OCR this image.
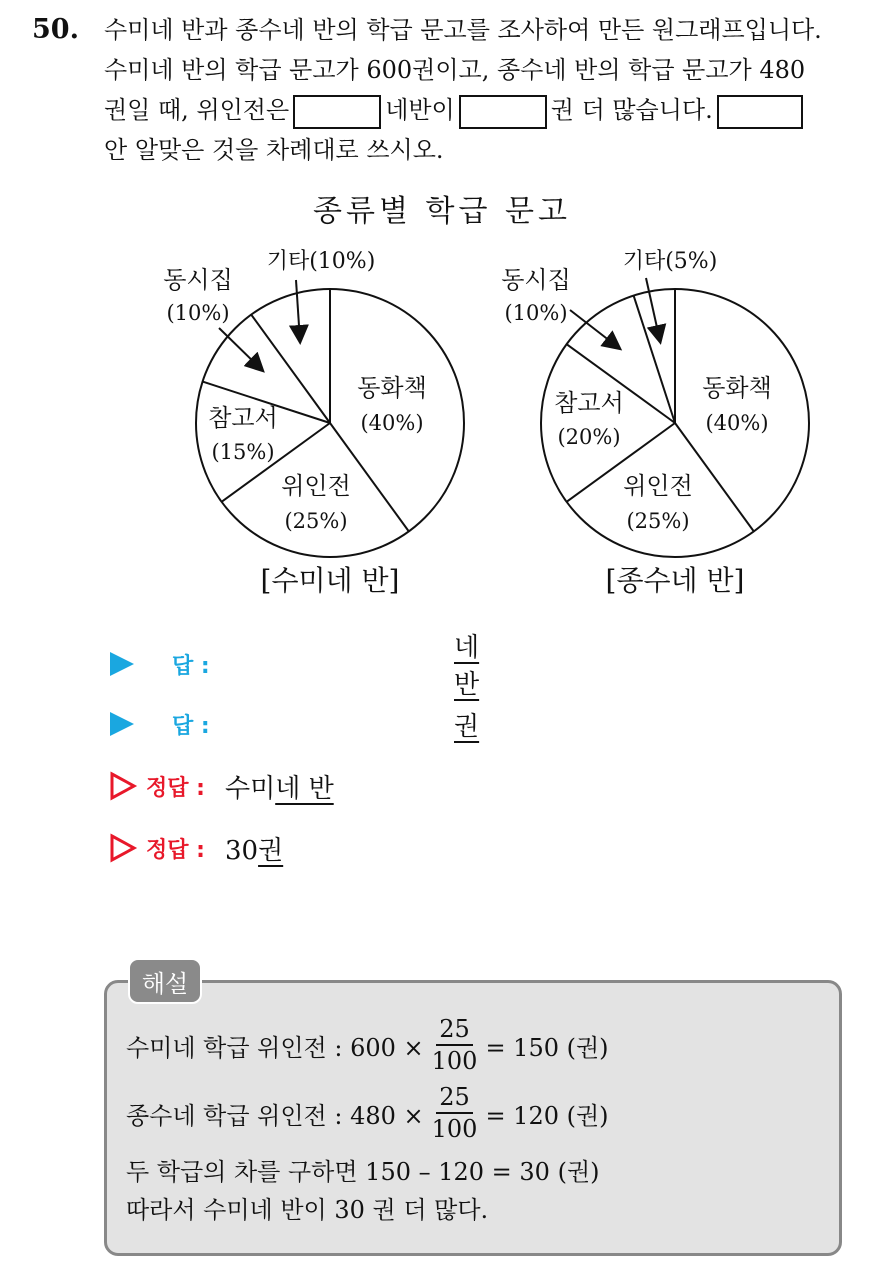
50. 수미네 반과 종수네 반의 학급 문고를 조사하여 만든 원그래프입니다.
수미네 반의 학급 문고가 600권이고, 종수네 반의 학급 문고가 480
권일 때, 위인전은	네반이	권 더 많습니다.
안 알맞은 것을 차례대로 쓰시오.
종류별 학급 문고
동화책
(40%)
위인전
(25%)
참고서
(15%)
동시집
(10%)
기타(10%)
[수미네 반]
동화책
(40%)
위인전
(25%)
참고서
(20%)
동시집
(10%)
기타(5%)
[종수네 반]
답 :
네 반
답 :	권
정답 : 수미네 반
정답 : 30권
해설
수미네 학급 위인전 : $600 \times \frac{25}{100} = 150$ (권)
종수네 학급 위인전 : $480 \times \frac{25}{100} = 120$ (권)
두 학급의 차를 구하면 150 – 120 = 30 (권)
따라서 수미네 반이 30 권 더 많다.
